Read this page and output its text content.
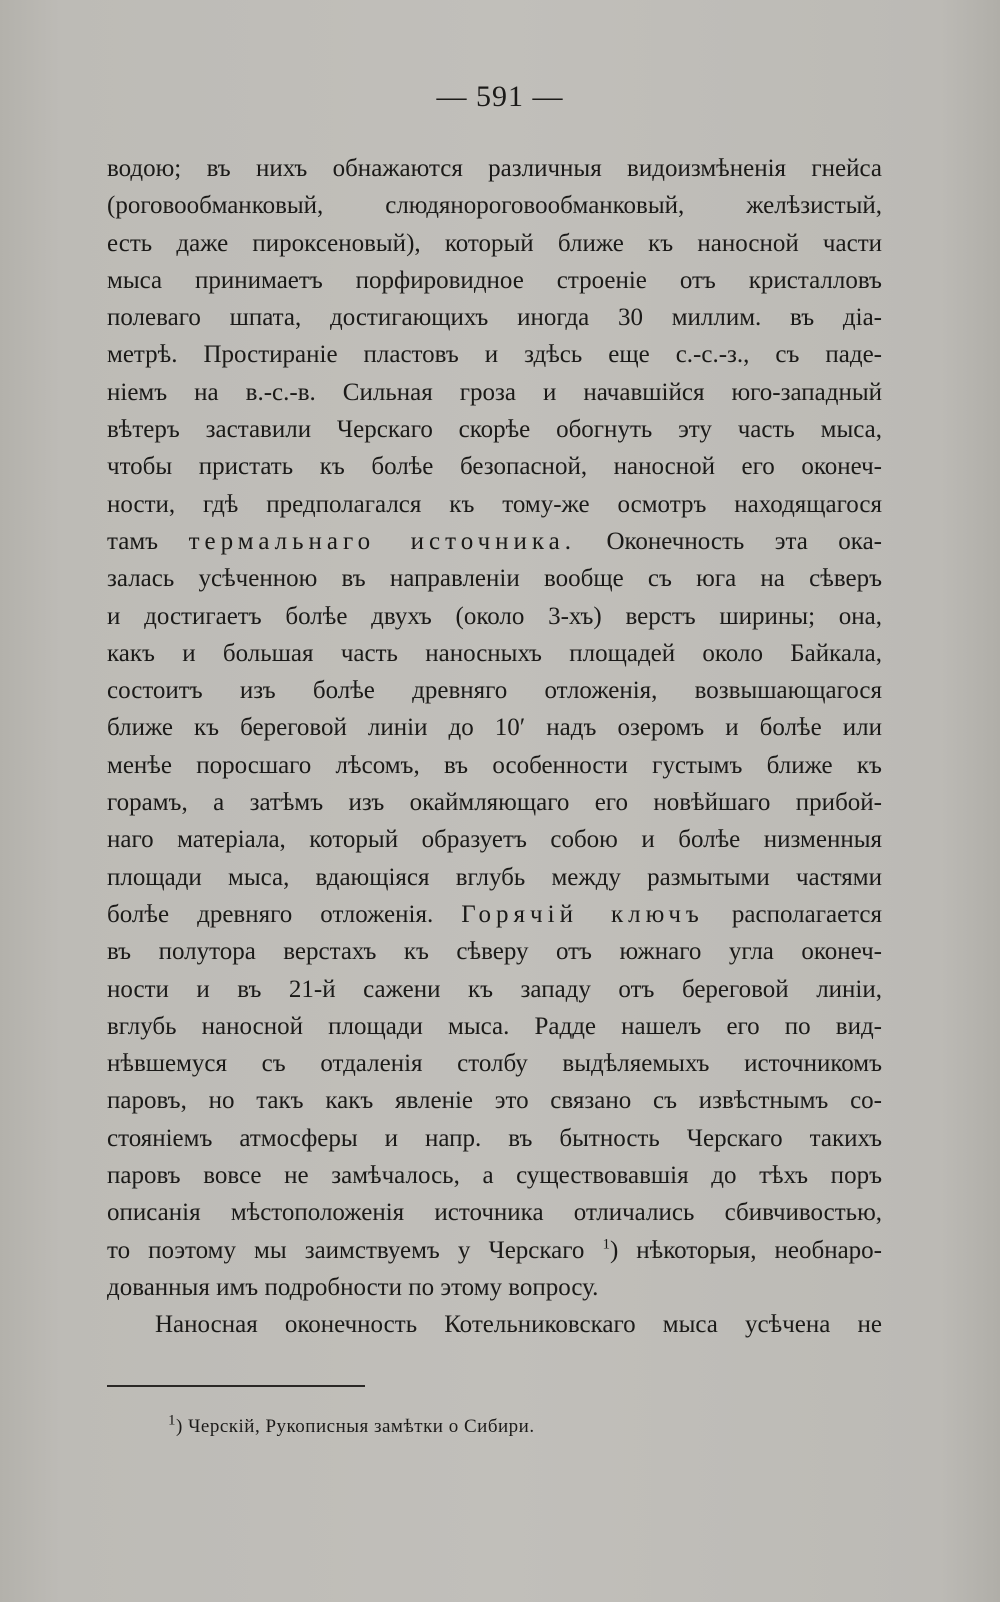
— 591 —
водою; въ нихъ обнажаются различныя видоизмѣненія гнейса
(роговообманковый, слюдянороговообманковый, желѣзистый,
есть даже пироксеновый), который ближе къ наносной части
мыса принимаетъ порфировидное строеніе отъ кристалловъ
полеваго шпата, достигающихъ иногда 30 миллим. въ діа-
метрѣ. Простираніе пластовъ и здѣсь еще с.-с.-з., съ паде-
ніемъ на в.-с.-в. Сильная гроза и начавшійся юго-западный
вѣтеръ заставили Черскаго скорѣе обогнуть эту часть мыса,
чтобы пристать къ болѣе безопасной, наносной его оконеч-
ности, гдѣ предполагался къ тому-же осмотръ находящагося
тамъ термальнаго источника. Оконечность эта ока-
залась усѣченною въ направленіи вообще съ юга на сѣверъ
и достигаетъ болѣе двухъ (около 3-хъ) верстъ ширины; она,
какъ и большая часть наносныхъ площадей около Байкала,
состоитъ изъ болѣе древняго отложенія, возвышающагося
ближе къ береговой линіи до 10′ надъ озеромъ и болѣе или
менѣе поросшаго лѣсомъ, въ особенности густымъ ближе къ
горамъ, а затѣмъ изъ окаймляющаго его новѣйшаго прибой-
наго матеріала, который образуетъ собою и болѣе низменныя
площади мыса, вдающіяся вглубь между размытыми частями
болѣе древняго отложенія. Горячій ключъ располагается
въ полутора верстахъ къ сѣверу отъ южнаго угла оконеч-
ности и въ 21-й сажени къ западу отъ береговой линіи,
вглубь наносной площади мыса. Радде нашелъ его по вид-
нѣвшемуся съ отдаленія столбу выдѣляемыхъ источникомъ
паровъ, но такъ какъ явленіе это связано съ извѣстнымъ со-
стояніемъ атмосферы и напр. въ бытность Черскаго такихъ
паровъ вовсе не замѣчалось, а существовавшія до тѣхъ поръ
описанія мѣстоположенія источника отличались сбивчивостью,
то поэтому мы заимствуемъ у Черскаго $^1$) нѣкоторыя, необнаро-
дованныя имъ подробности по этому вопросу.
Наносная оконечность Котельниковскаго мыса усѣчена не
$^1$) Черскій, Рукописныя замѣтки о Сибири.
